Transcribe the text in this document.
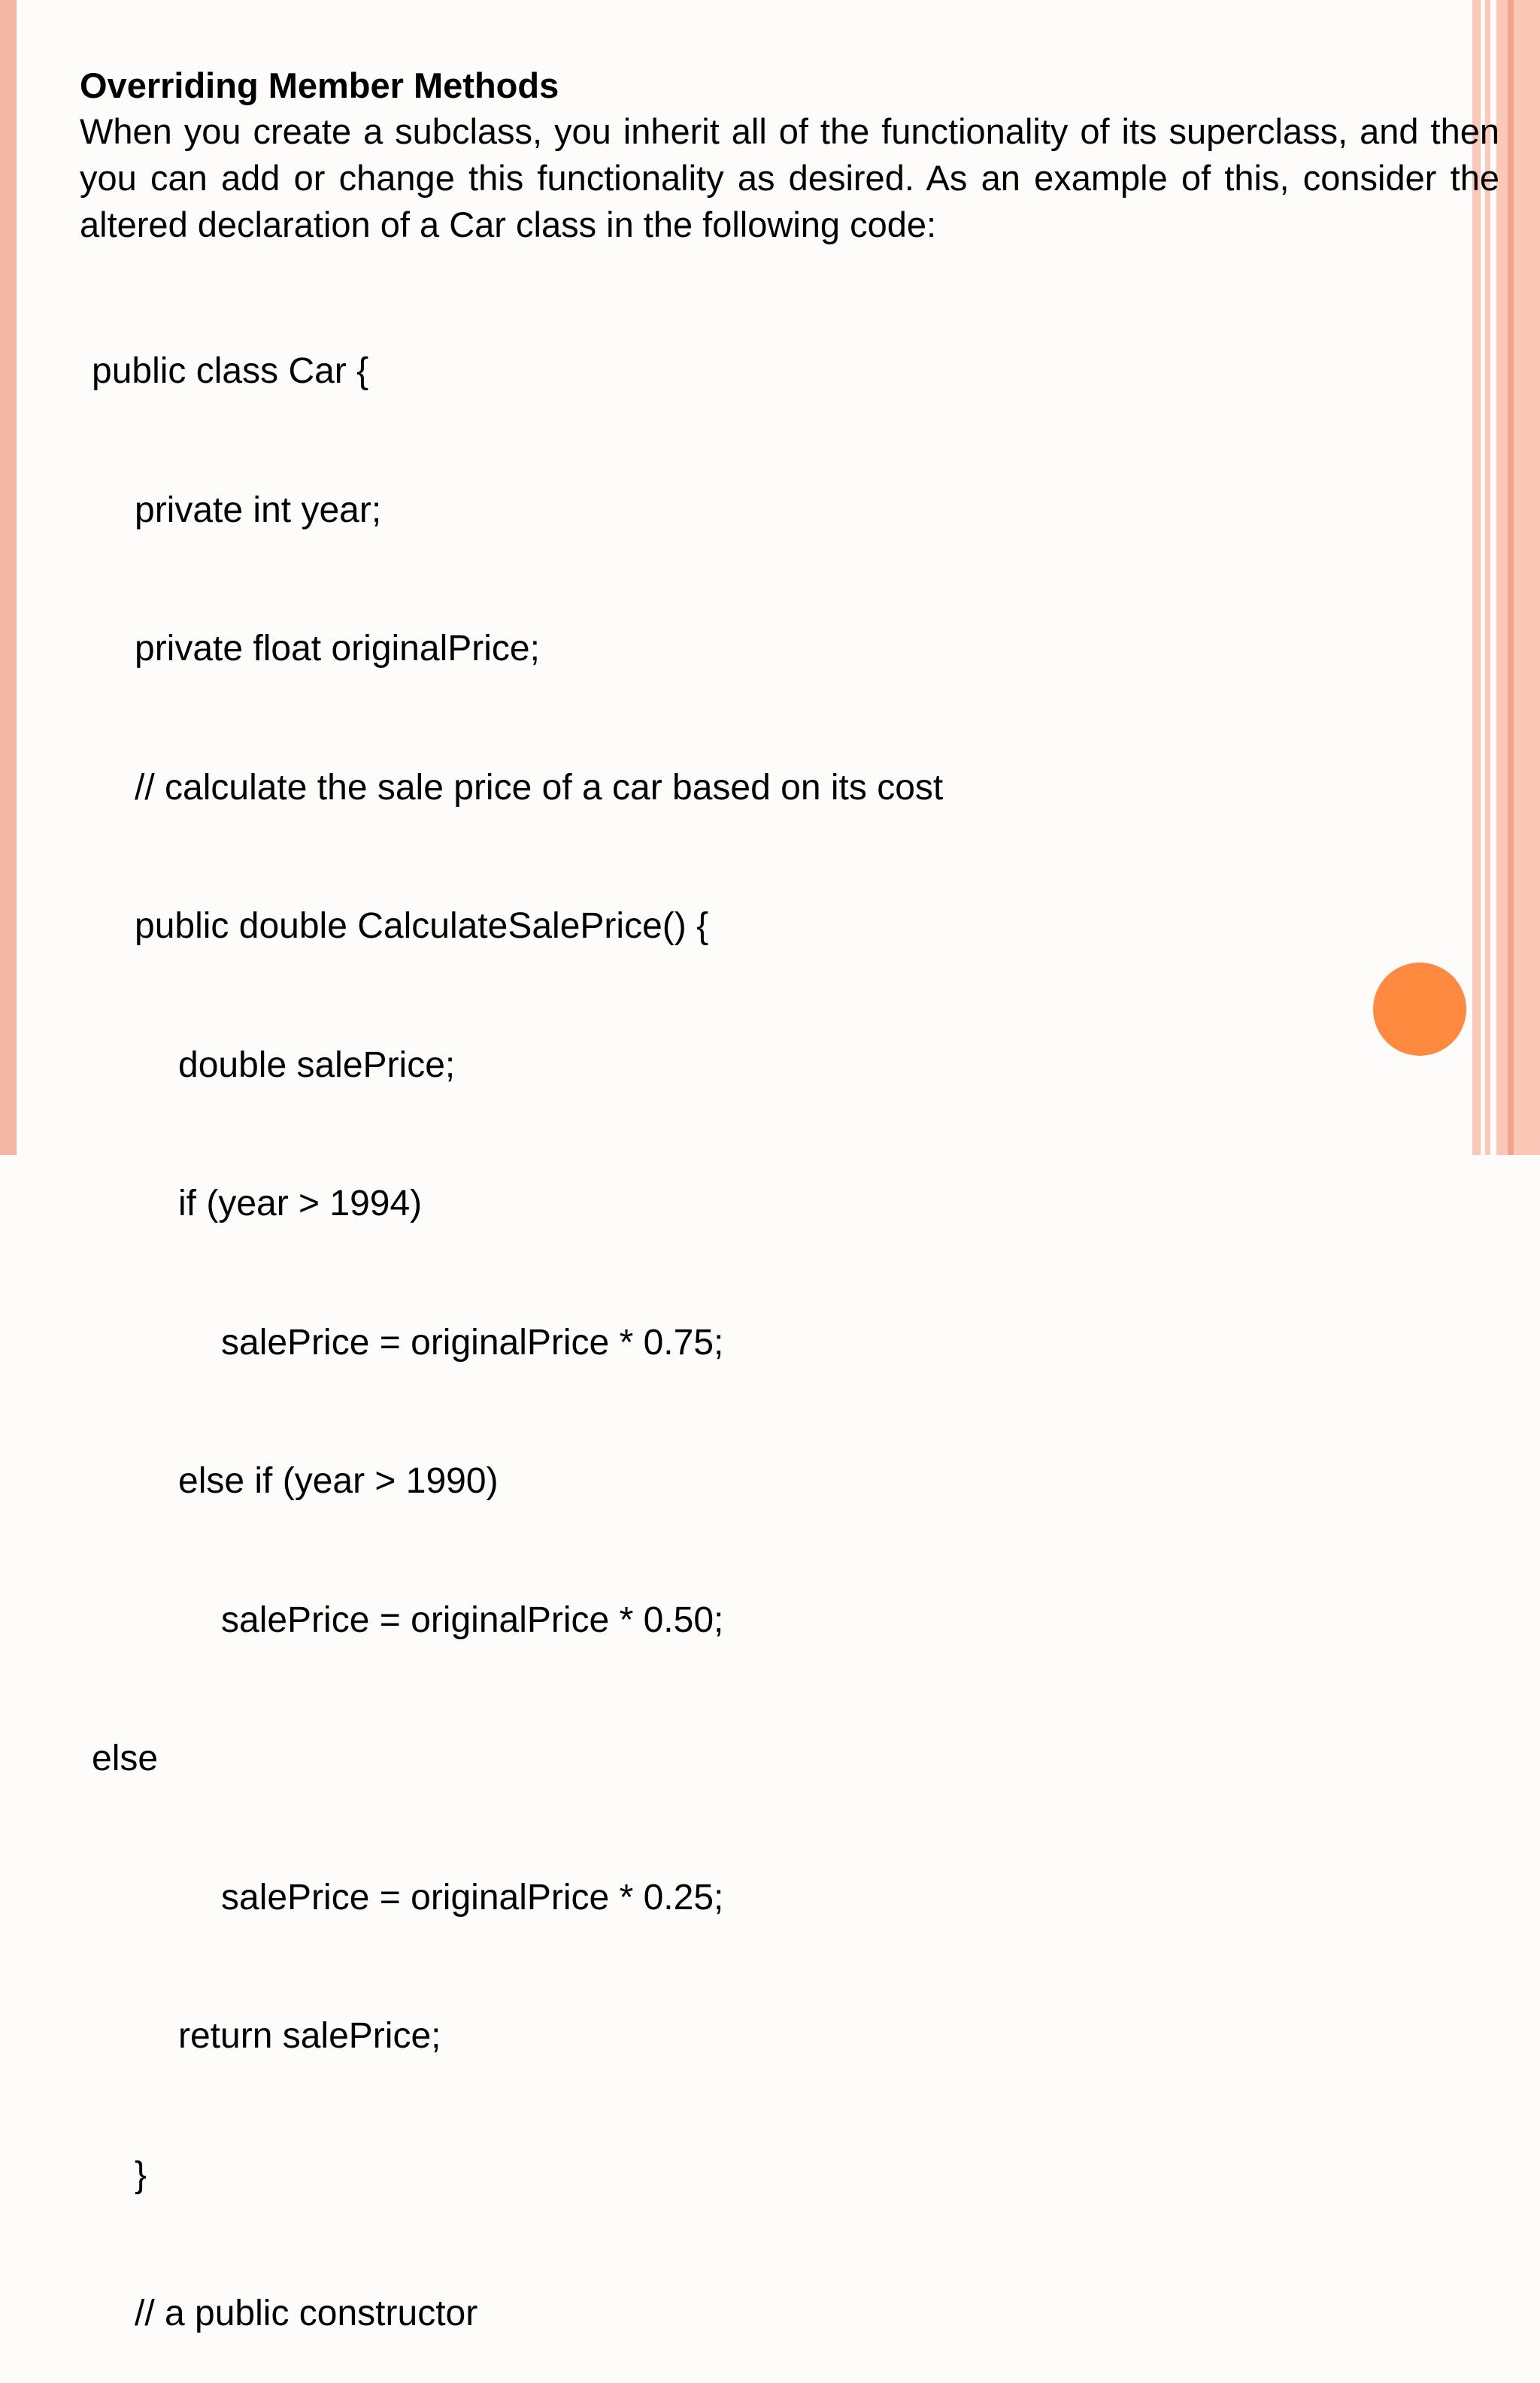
Overriding Member Methods

When you create a subclass, you inherit all of the functionality of its superclass, and then you can add or change this functionality as desired. As an example of this, consider the altered declaration of a Car class in the following code:

public class Car {

private int year;

private float originalPrice;

// calculate the sale price of a car based on its cost

public double CalculateSalePrice() {

double salePrice;

if (year > 1994)

salePrice = originalPrice * 0.75;

else if (year > 1990)

salePrice = originalPrice * 0.50;

else

salePrice = originalPrice * 0.25;

return salePrice;

}

// a public constructor
